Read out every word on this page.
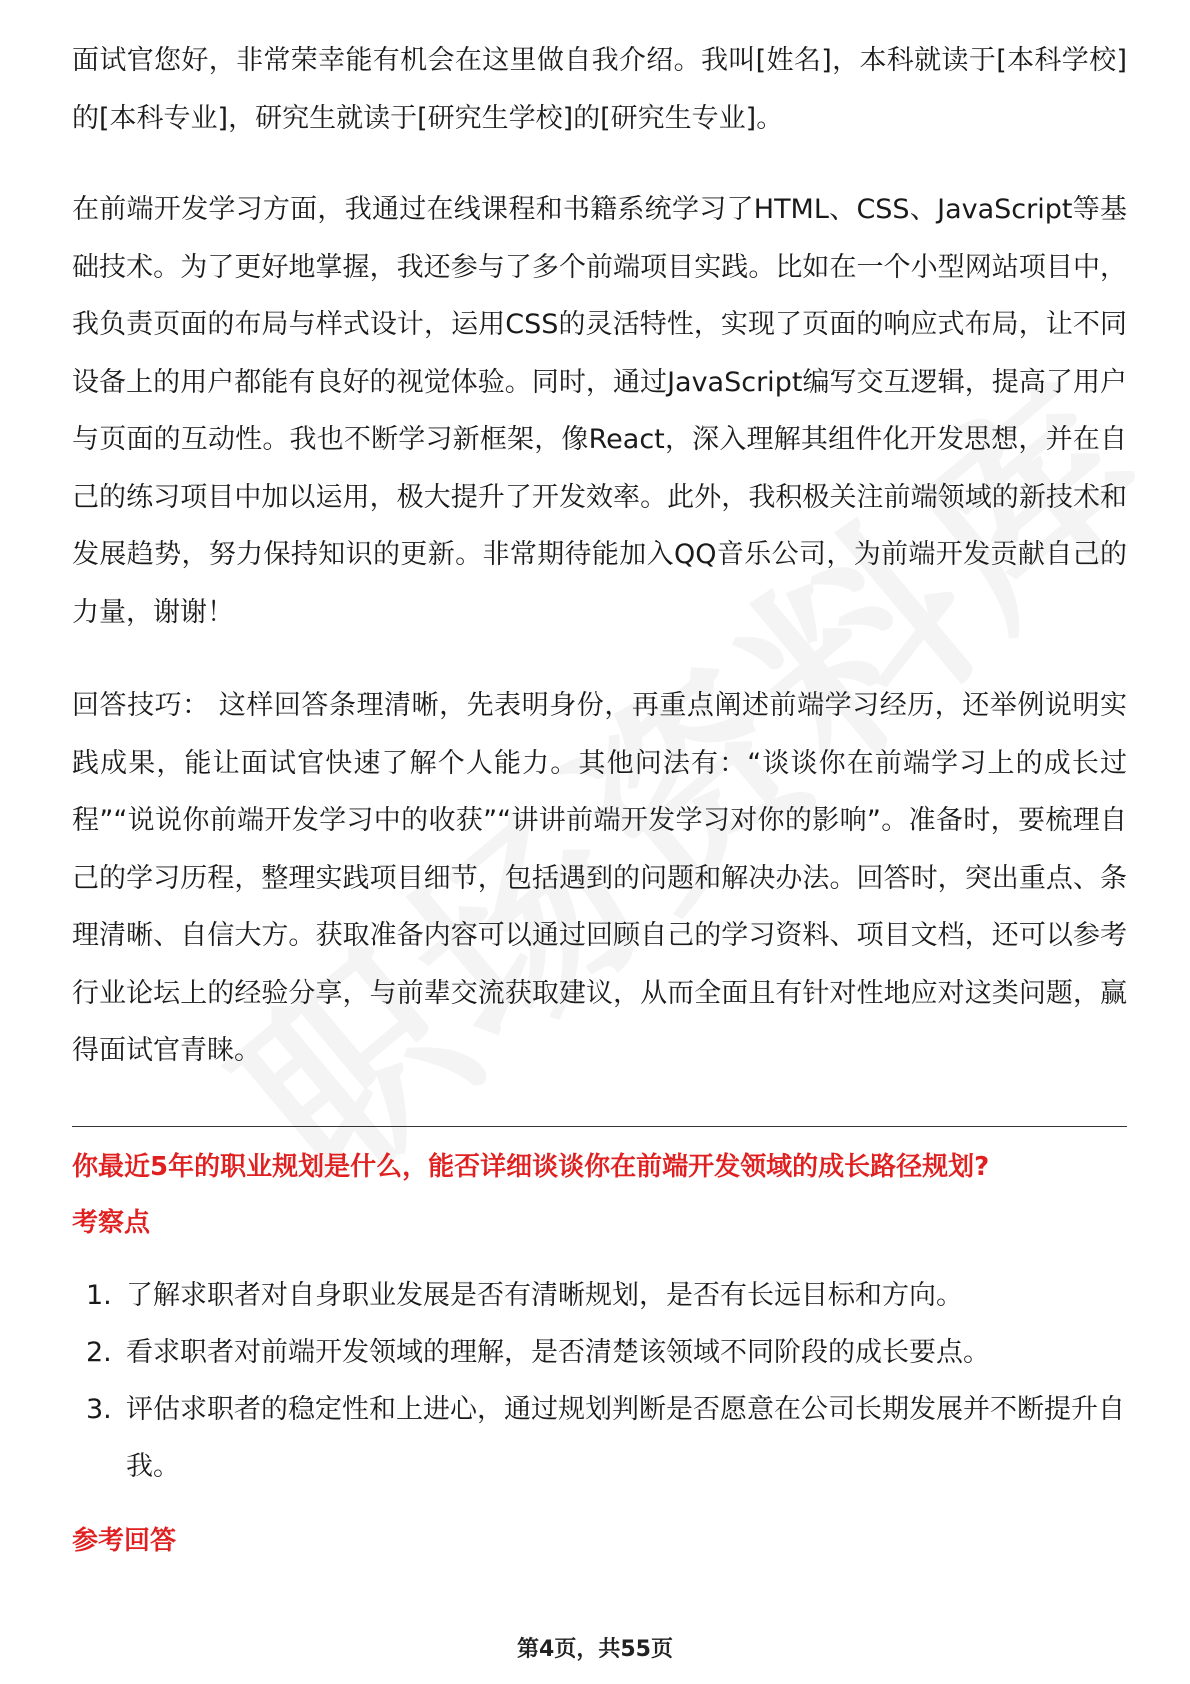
面试官您好，非常荣幸能有机会在这里做自我介绍。我叫[姓名]，本科就读于[本科学校]的[本科专业]，研究生就读于[研究生学校]的[研究生专业]。

在前端开发学习方面，我通过在线课程和书籍系统学习了HTML、CSS、JavaScript等基础技术。为了更好地掌握，我还参与了多个前端项目实践。比如在一个小型网站项目中，我负责页面的布局与样式设计，运用CSS的灵活特性，实现了页面的响应式布局，让不同设备上的用户都能有良好的视觉体验。同时，通过JavaScript编写交互逻辑，提高了用户与页面的互动性。我也不断学习新框架，像React，深入理解其组件化开发思想，并在自己的练习项目中加以运用，极大提升了开发效率。此外，我积极关注前端领域的新技术和发展趋势，努力保持知识的更新。非常期待能加入QQ音乐公司，为前端开发贡献自己的力量，谢谢！

回答技巧： 这样回答条理清晰，先表明身份，再重点阐述前端学习经历，还举例说明实践成果，能让面试官快速了解个人能力。其他问法有：“谈谈你在前端学习上的成长过程”“说说你前端开发学习中的收获”“讲讲前端开发学习对你的影响”。准备时，要梳理自己的学习历程，整理实践项目细节，包括遇到的问题和解决办法。回答时，突出重点、条理清晰、自信大方。获取准备内容可以通过回顾自己的学习资料、项目文档，还可以参考行业论坛上的经验分享，与前辈交流获取建议，从而全面且有针对性地应对这类问题，赢得面试官青睐。

你最近5年的职业规划是什么，能否详细谈谈你在前端开发领域的成长路径规划?
考察点
1. 了解求职者对自身职业发展是否有清晰规划，是否有长远目标和方向。
2. 看求职者对前端开发领域的理解，是否清楚该领域不同阶段的成长要点。
3. 评估求职者的稳定性和上进心，通过规划判断是否愿意在公司长期发展并不断提升自我。
参考回答
第4页，共55页
